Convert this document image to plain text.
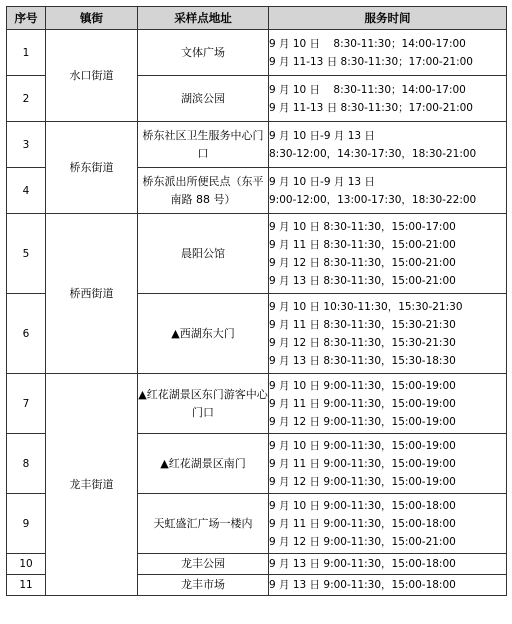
序号	镇街	采样点地址	服务时间
1	水口街道	文体广场	9 月 10 日    8:30-11:30；14:00-17:00
9 月 11-13 日 8:30-11:30；17:00-21:00

2		湖滨公园	9 月 10 日    8:30-11:30；14:00-17:00
9 月 11-13 日 8:30-11:30；17:00-21:00

3	桥东街道	桥东社区卫生服务中心门口	9 月 10 日-9 月 13 日
8:30-12:00，14:30-17:30，18:30-21:00

4		桥东派出所便民点（东平南路 88 号）	9 月 10 日-9 月 13 日
9:00-12:00，13:00-17:30，18:30-22:00

5	桥西街道	晨阳公馆	9 月 10 日 8:30-11:30，15:00-17:00
9 月 11 日 8:30-11:30，15:00-21:00
9 月 12 日 8:30-11:30，15:00-21:00
9 月 13 日 8:30-11:30，15:00-21:00

6		▲西湖东大门	9 月 10 日 10:30-11:30，15:30-21:30
9 月 11 日 8:30-11:30，15:30-21:30
9 月 12 日 8:30-11:30，15:30-21:30
9 月 13 日 8:30-11:30，15:30-18:30

7	龙丰街道	▲红花湖景区东门游客中心门口	9 月 10 日 9:00-11:30，15:00-19:00
9 月 11 日 9:00-11:30，15:00-19:00
9 月 12 日 9:00-11:30，15:00-19:00

8		▲红花湖景区南门	9 月 10 日 9:00-11:30，15:00-19:00
9 月 11 日 9:00-11:30，15:00-19:00
9 月 12 日 9:00-11:30，15:00-19:00

9		天虹盛汇广场一楼内	9 月 10 日 9:00-11:30，15:00-18:00
9 月 11 日 9:00-11:30，15:00-18:00
9 月 12 日 9:00-11:30，15:00-21:00

10		龙丰公园	9 月 13 日 9:00-11:30，15:00-18:00

11		龙丰市场	9 月 13 日 9:00-11:30，15:00-18:00
